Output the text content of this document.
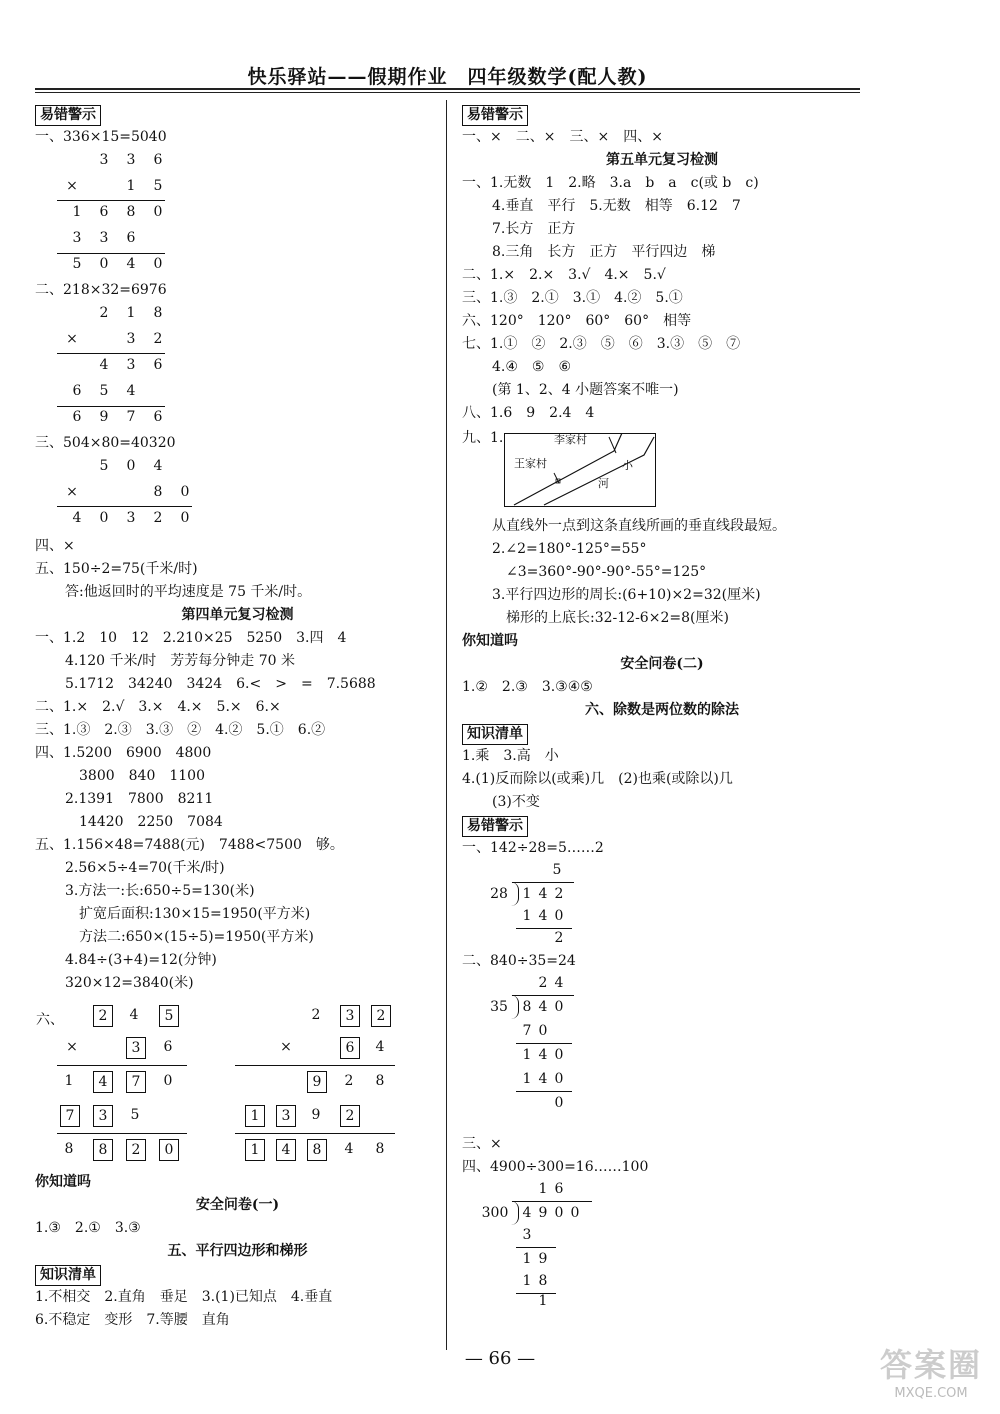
快乐驿站——假期作业　四年级数学(配人教)
易错警示
一、336×15=5040
3	3	6
×	1	5
1	6	8	0
3	3	6
5	0	4	0
二、218×32=6976
2	1	8
×	3	2
4	3	6
6	5	4
6	9	7	6
三、504×80=40320
5	0	4
×	8	0
4	0	3	2	0
四、×
五、150÷2=75(千米/时)
答:他返回时的平均速度是 75 千米/时。
第四单元复习检测
一、1.2　10　12　2.210×25　5250　3.四　4
4.120 千米/时　芳芳每分钟走 70 米
5.1712　34240　3424　6.<　>　=　7.5688
二、1.×　2.√　3.×　4.×　5.×　6.×
三、1.③　2.③　3.③　②　4.②　5.①　6.②
四、1.5200　6900　4800
3800　840　1100
2.1391　7800　8211
14420　2250　7084
五、1.156×48=7488(元)　7488<7500　够。
2.56×5÷4=70(千米/时)
3.方法一:长:650÷5=130(米)
扩宽后面积:130×15=1950(平方米)
方法二:650×(15÷5)=1950(平方米)
4.84÷(3+4)=12(分钟)
320×12=3840(米)
六、	2	4	5
×	3	6
1	4	7	0
7	3	5
8	8	2	0
2	3	2
×	6	4
9	2	8
1	3	9	2
1	4	8	4	8
你知道吗
安全问卷(一)
1.③　2.①　3.③
五、平行四边形和梯形
知识清单
1.不相交　2.直角　垂足　3.(1)已知点　4.垂直
6.不稳定　变形　7.等腰　直角
易错警示
一、×　二、×　三、×　四、×
第五单元复习检测
一、1.无数　1　2.略　3.a　b　a　c(或 b　c)
4.垂直　平行　5.无数　相等　6.12　7
7.长方　正方
8.三角　长方　正方　平行四边　梯
二、1.×　2.×　3.√　4.×　5.√
三、1.③　2.①　3.①　4.②　5.①
六、120°　120°　60°　60°　相等
七、1.①　②　2.③　⑤　⑥　3.③　⑤　⑦
4.④　⑤　⑥
(第 1、2、4 小题答案不唯一)
八、1.6　9　2.4　4
九、1.	李家村
王家村	小
河
从直线外一点到这条直线所画的垂直线段最短。
2.∠2=180°-125°=55°
∠3=360°-90°-90°-55°=125°
3.平行四边形的周长:(6+10)×2=32(厘米)
梯形的上底长:32-12-6×2=8(厘米)
你知道吗
安全问卷(二)
1.②　2.③　3.③④⑤
六、除数是两位数的除法
知识清单
1.乘　3.高　小
4.(1)反而除以(或乘)几　(2)也乘(或除以)几
(3)不变
易错警示
一、142÷28=5……2
5
28	1 4 2
1 4 0
2
二、840÷35=24
2 4
35	8 4 0
7 0
1 4 0
1 4 0
0
三、×
四、4900÷300=16……100
1 6
300	4 9 0 0
3
1 9
1 8
1
— 66 —	答案圈
MXQE.COM
